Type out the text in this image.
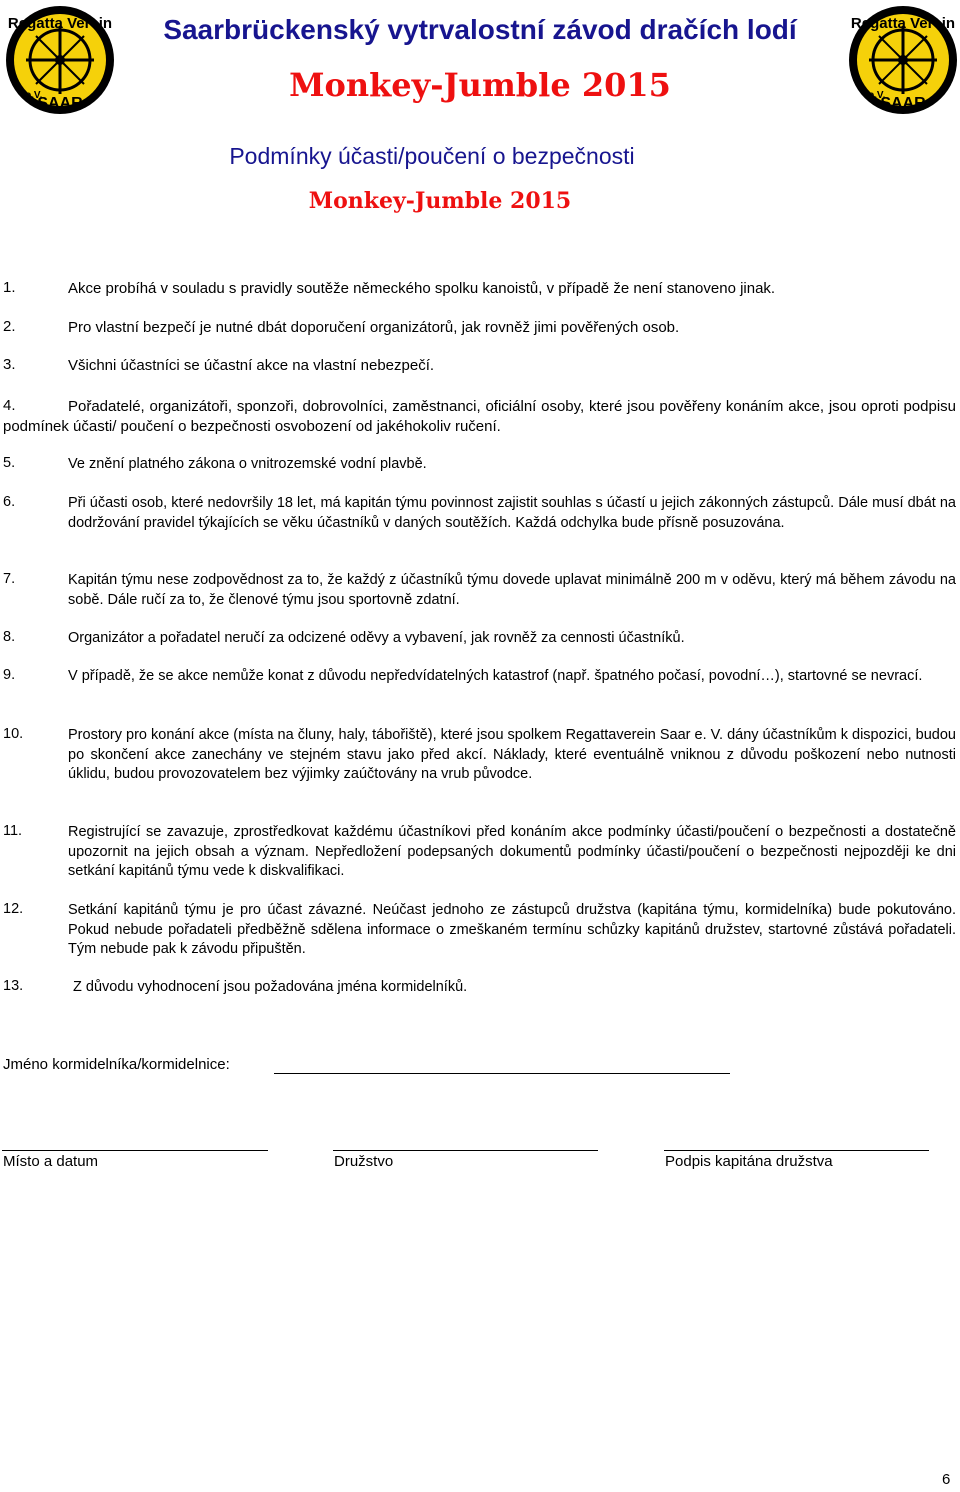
Regatta Verein
e.V.
SAAR
Regatta Verein
e.V.
SAAR
Saarbrückenský vytrvalostní závod dračích lodí
Monkey-Jumble 2015
Podmínky účasti/poučení o bezpečnosti
Monkey-Jumble 2015
1.	Akce probíhá v souladu s pravidly soutěže německého spolku kanoistů, v případě že není stanoveno jinak.
2.	Pro vlastní bezpečí je nutné dbát doporučení organizátorů, jak rovněž jimi pověřených osob.
3.	Všichni účastníci se účastní akce na vlastní nebezpečí.
4.	Pořadatelé, organizátoři, sponzoři, dobrovolníci, zaměstnanci, oficiální osoby, které jsou pověřeny konáním akce, jsou oproti podpisu podmínek účasti/ poučení o bezpečnosti osvobození od jakéhokoliv ručení.
5.	Ve znění platného zákona o vnitrozemské vodní plavbě.
6.	Při účasti osob, které nedovršily 18 let, má kapitán týmu povinnost zajistit souhlas s účastí u jejich zákonných zástupců. Dále musí dbát na dodržování pravidel týkajících se věku účastníků v daných soutěžích. Každá odchylka bude přísně posuzována.
7.	Kapitán týmu nese zodpovědnost za to, že každý z účastníků týmu dovede uplavat minimálně 200 m v oděvu, který má během závodu na sobě. Dále ručí za to, že členové týmu jsou sportovně zdatní.
8.	Organizátor a pořadatel neručí za odcizené oděvy a vybavení, jak rovněž za cennosti účastníků.
9.	V případě, že se akce nemůže konat z důvodu nepředvídatelných katastrof (např. špatného počasí, povodní…), startovné se nevrací.
10.	Prostory pro konání akce (místa na čluny, haly, tábořiště), které jsou spolkem Regattaverein Saar e. V. dány účastníkům k dispozici, budou po skončení akce zanechány ve stejném stavu jako před akcí. Náklady, které eventuálně vniknou z důvodu poškození nebo nutnosti úklidu, budou provozovatelem bez výjimky zaúčtovány na vrub původce.
11.	Registrující se zavazuje, zprostředkovat každému účastníkovi před konáním akce podmínky účasti/poučení o bezpečnosti a dostatečně upozornit na jejich obsah a význam. Nepředložení podepsaných dokumentů podmínky účasti/poučení o bezpečnosti nejpozději ke dni setkání kapitánů týmu vede k diskvalifikaci.
12.	Setkání kapitánů týmu je pro účast závazné. Neúčast jednoho ze zástupců družstva (kapitána týmu, kormidelníka) bude pokutováno. Pokud nebude pořadateli předběžně sdělena informace o zmeškaném termínu schůzky kapitánů družstev, startovné zůstává pořadateli. Tým nebude pak k závodu připuštěn.
13.	Z důvodu vyhodnocení jsou požadována jména kormidelníků.
Jméno kormidelníka/kormidelnice:
Místo a datum	Družstvo	Podpis kapitána družstva
6
